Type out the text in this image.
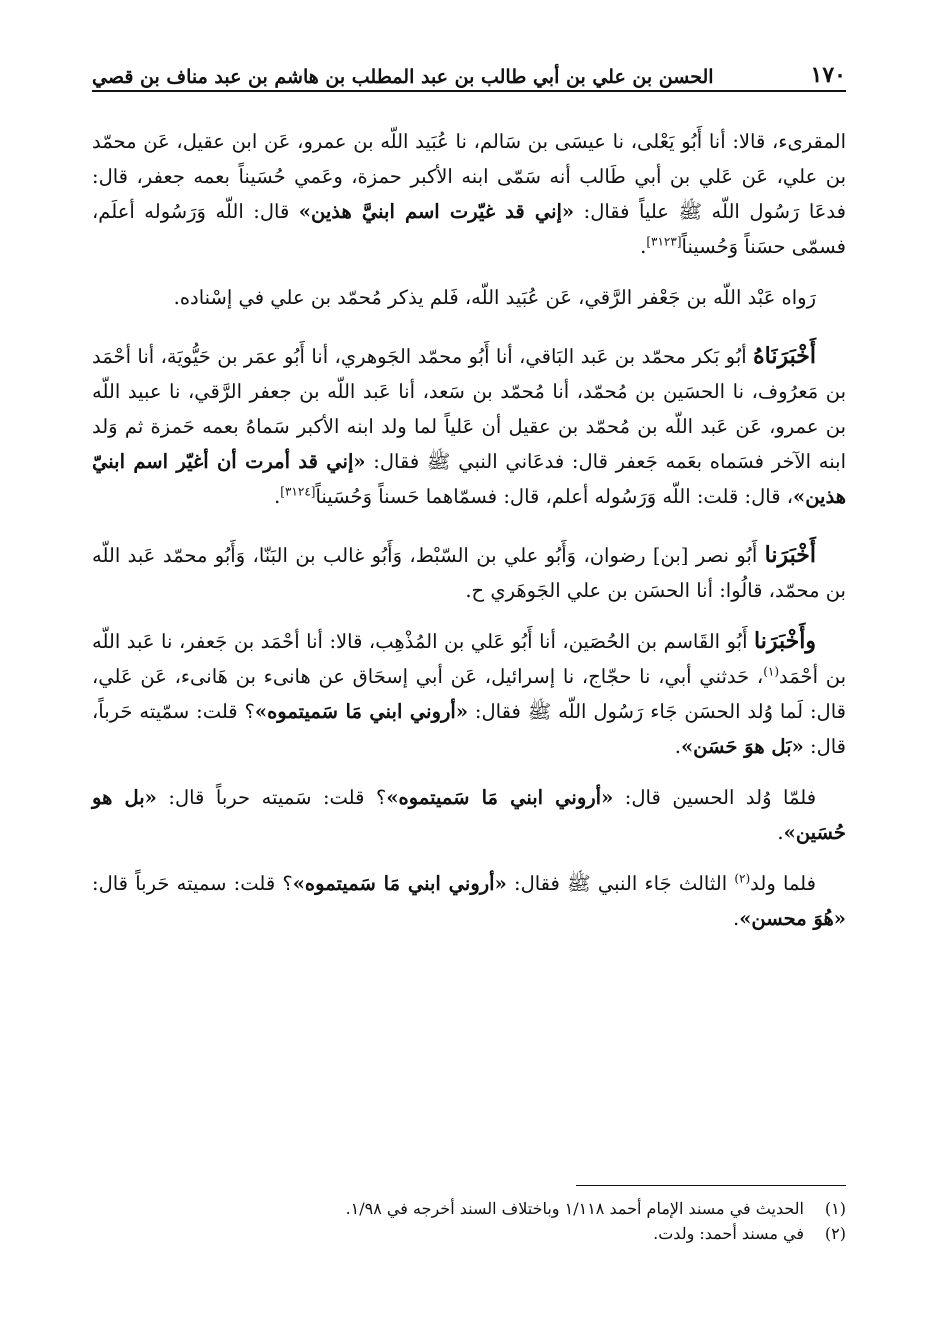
١٧٠
الحسن بن علي بن أبي طالب بن عبد المطلب بن هاشم بن عبد مناف بن قصي

المقرىء، قالا: أنا أَبُو يَعْلى، نا عيسَى بن سَالم، نا عُبَيد اللّه بن عمرو، عَن ابن عقيل، عَن محمّد بن علي، عَن عَلي بن أبي طَالب أنه سَمّى ابنه الأكبر حمزة، وعَمي حُسَيناً بعمه جعفر، قال: فدعَا رَسُول اللّه ﷺ علياً فقال: «إني قد غيّرت اسم ابنيَّ هذين» قال: اللّه وَرَسُوله أعلَم، فسمّى حسَناً وَحُسيناً[٣١٢٣].

رَواه عَبْد اللّه بن جَعْفر الرَّقي، عَن عُبَيد اللّه، فَلم يذكر مُحمّد بن علي في إسْناده.

أَخْبَرَنَاهُ أبُو بَكر محمّد بن عَبد البَاقي، أنا أَبُو محمّد الجَوهري، أنا أَبُو عمَر بن حَيُّويَة، أنا أحْمَد بن مَعرُوف، نا الحسَين بن مُحمّد، أنا مُحمّد بن سَعد، أنا عَبد اللّه بن جعفر الرَّقي، نا عبيد اللّه بن عمرو، عَن عَبد اللّه بن مُحمّد بن عقيل أن عَلياً لما ولد ابنه الأكبر سَماهُ بعمه حَمزة ثم وَلد ابنه الآخر فسَماه بعَمه جَعفر قال: فدعَاني النبي ﷺ فقال: «إني قد أمرت أن أغيّر اسم ابنيّ هذين»، قال: قلت: اللّه وَرَسُوله أعلم، قال: فسمّاهما حَسناً وَحُسَيناً[٣١٢٤].

أَخْبَرَنا أَبُو نصر [بن] رضوان، وَأَبُو علي بن السّبْط، وَأَبُو غالب بن البَنّا، وَأَبُو محمّد عَبد اللّه بن محمّد، قالُوا: أنا الحسَن بن علي الجَوهَري ح.

وأَخْبَرَنا أَبُو القَاسم بن الحُصَين، أنا أَبُو عَلي بن المُذْهِب، قالا: أنا أحْمَد بن جَعفر، نا عَبد اللّه بن أحْمَد$^{(١)}$، حَدثني أبي، نا حجّاج، نا إسرائيل، عَن أبي إسحَاق عن هانىء بن هَانىء، عَن عَلي، قال: لَما وُلد الحسَن جَاء رَسُول اللّه ﷺ فقال: «أروني ابني مَا سَميتموه»؟ قلت: سمّيته حَرباً، قال: «بَل هوَ حَسَن».

فلمّا وُلد الحسين قال: «أروني ابني مَا سَميتموه»؟ قلت: سَميته حرباً قال: «بل هو حُسَين».

فلما ولد$^{(٢)}$ الثالث جَاء النبي ﷺ فقال: «أروني ابني مَا سَميتموه»؟ قلت: سميته حَرباً قال: «هُوَ محسن».

(١)
الحديث في مسند الإمام أحمد ١/١١٨ وباختلاف السند أخرجه في ١/٩٨.
(٢)
في مسند أحمد: ولدت.
